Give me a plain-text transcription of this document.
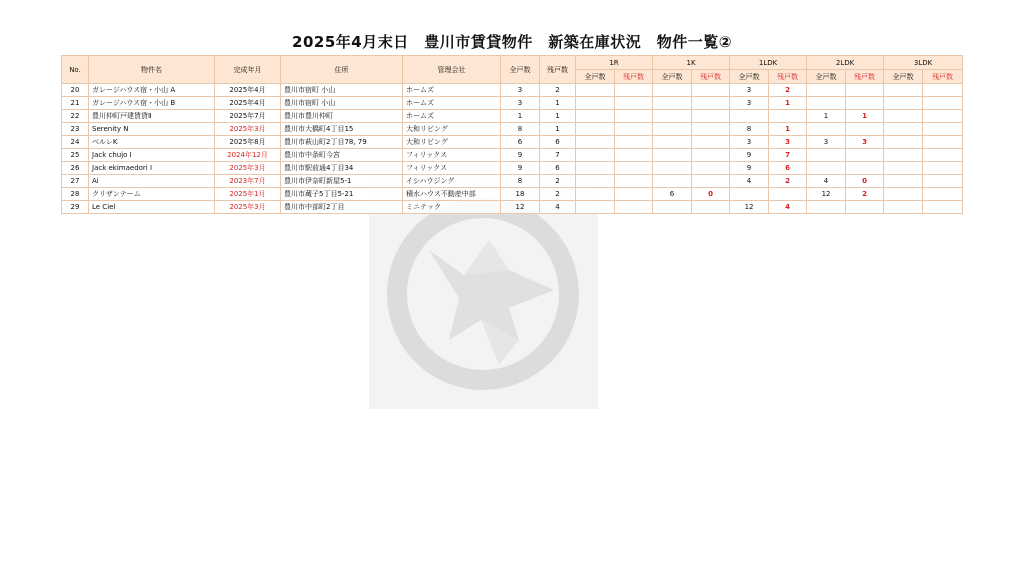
2025年4月末日　豊川市賃貸物件　新築在庫状況　物件一覧②
No.	物件名	完成年月	住所	管理会社	全戸数	残戸数	1R		1K		1LDK		2LDK		3LDK	
							全戸数	残戸数	全戸数	残戸数	全戸数	残戸数	全戸数	残戸数	全戸数	残戸数
20	ガレージハウス宿・小山 A	2025年4月	豊川市宿町 小山	ホームズ	3	2					3	2				
21	ガレージハウス宿・小山 B	2025年4月	豊川市宿町 小山	ホームズ	3	1					3	1				
22	豊川仲町戸建賃貸Ⅱ	2025年7月	豊川市豊川仲町	ホームズ	1	1							1	1		
23	Serenity N	2025年3月	豊川市大橋町4丁目15	大和リビング	8	1					8	1				
24	ベルレK	2025年8月	豊川市萩山町2丁目78, 79	大和リビング	6	6					3	3	3	3		
25	Jack chujo Ⅰ	2024年12月	豊川市中条町今宮	フィリックス	9	7					9	7				
26	Jack ekimaedori Ⅰ	2025年3月	豊川市駅前通4丁目34	フィリックス	9	6					9	6				
27	Ai	2023年7月	豊川市伊奈町新屋5-1	イシハウジング	8	2					4	2	4	0		
28	クリザンテーム	2025年1月	豊川市蔵子5丁目5-21	積水ハウス不動産中部	18	2			6	0			12	2		
29	Le Ciel	2025年3月	豊川市中部町2丁目	ミニテック	12	4					12	4				
